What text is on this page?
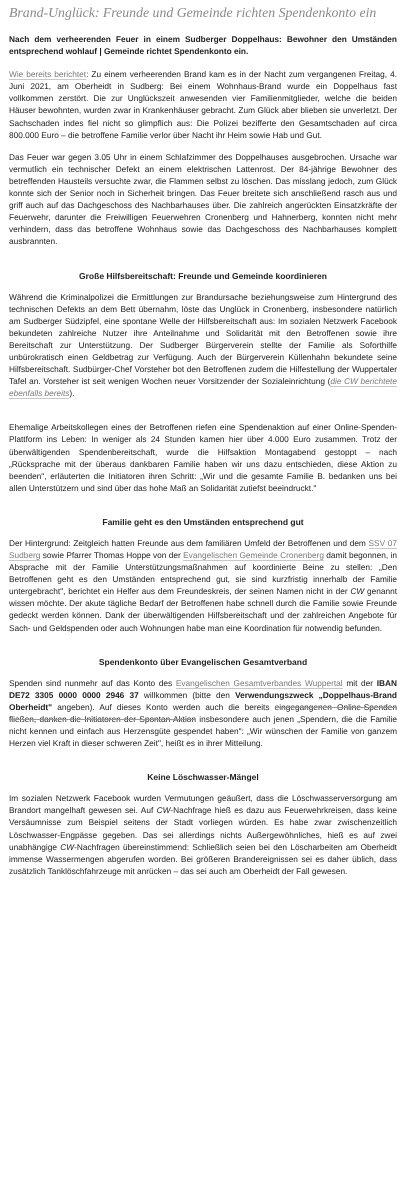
Brand-Unglück: Freunde und Gemeinde richten Spendenkonto ein

Nach dem verheerenden Feuer in einem Sudberger Doppelhaus: Bewohner den Umständen entsprechend wohlauf | Gemeinde richtet Spendenkonto ein.

Wie bereits berichtet: Zu einem verheerenden Brand kam es in der Nacht zum vergangenen Freitag, 4. Juni 2021, am Oberheidt in Sudberg: Bei einem Wohnhaus-Brand wurde ein Doppelhaus fast vollkommen zerstört. Die zur Unglückszeit anwesenden vier Familienmitglieder, welche die beiden Häuser bewohnten, wurden zwar in Krankenhäuser gebracht. Zum Glück aber blieben sie unverletzt. Der Sachschaden indes fiel nicht so glimpflich aus: Die Polizei bezifferte den Gesamtschaden auf circa 800.000 Euro – die betroffene Familie verlor über Nacht ihr Heim sowie Hab und Gut.

Das Feuer war gegen 3.05 Uhr in einem Schlafzimmer des Doppelhauses ausgebrochen. Ursache war vermutlich ein technischer Defekt an einem elektrischen Lattenrost. Der 84-jährige Bewohner des betreffenden Hausteils versuchte zwar, die Flammen selbst zu löschen. Das misslang jedoch, zum Glück konnte sich der Senior noch in Sicherheit bringen. Das Feuer breitete sich anschließend rasch aus und griff auch auf das Dachgeschoss des Nachbarhauses über. Die zahlreich angerückten Einsatzkräfte der Feuerwehr, darunter die Freiwilligen Feuerwehren Cronenberg und Hahnerberg, konnten nicht mehr verhindern, dass das betroffene Wohnhaus sowie das Dachgeschoss des Nachbarhauses komplett ausbrannten.

Große Hilfsbereitschaft: Freunde und Gemeinde koordinieren

Während die Kriminalpolizei die Ermittlungen zur Brandursache beziehungsweise zum Hintergrund des technischen Defekts an dem Bett übernahm, löste das Unglück in Cronenberg, insbesondere natürlich am Sudberger Südzipfel, eine spontane Welle der Hilfsbereitschaft aus: Im sozialen Netzwerk Facebook bekundeten zahlreiche Nutzer ihre Anteilnahme und Solidarität mit den Betroffenen sowie ihre Bereitschaft zur Unterstützung. Der Sudberger Bürgerverein stellte der Familie als Soforthilfe unbürokratisch einen Geldbetrag zur Verfügung. Auch der Bürgerverein Küllenhahn bekundete seine Hilfsbereitschaft. Sudbürger-Chef Vorsteher bot den Betroffenen zudem die Hilfestellung der Wuppertaler Tafel an. Vorsteher ist seit wenigen Wochen neuer Vorsitzender der Sozialeinrichtung (die CW berichtete ebenfalls bereits).

Ehemalige Arbeitskollegen eines der Betroffenen riefen eine Spendenaktion auf einer Online-Spenden-Plattform ins Leben: In weniger als 24 Stunden kamen hier über 4.000 Euro zusammen. Trotz der überwältigenden Spendenbereitschaft, wurde die Hilfsaktion Montagabend gestoppt – nach „Rücksprache mit der überaus dankbaren Familie haben wir uns dazu entschieden, diese Aktion zu beenden", erläuterten die Initiatoren ihren Schritt: „Wir und die gesamte Familie B. bedanken uns bei allen Unterstützern und sind über das hohe Maß an Solidarität zutiefst beeindruckt."

Familie geht es den Umständen entsprechend gut

Der Hintergrund: Zeitgleich hatten Freunde aus dem familiären Umfeld der Betroffenen und dem SSV 07 Sudberg sowie Pfarrer Thomas Hoppe von der Evangelischen Gemeinde Cronenberg damit begonnen, in Absprache mit der Familie Unterstützungsmaßnahmen auf koordinierte Beine zu stellen: „Den Betroffenen geht es den Umständen entsprechend gut, sie sind kurzfristig innerhalb der Familie untergebracht", berichtet ein Helfer aus dem Freundeskreis, der seinen Namen nicht in der CW genannt wissen möchte. Der akute tägliche Bedarf der Betroffenen habe schnell durch die Familie sowie Freunde gedeckt werden können. Dank der überwältigenden Hilfsbereitschaft und der zahlreichen Angebote für Sach- und Geldspenden oder auch Wohnungen habe man eine Koordination für notwendig befunden.

Spendenkonto über Evangelischen Gesamtverband

Spenden sind nunmehr auf das Konto des Evangelischen Gesamtverbandes Wuppertal mit der IBAN DE72 3305 0000 0000 2946 37 willkommen (bitte den Verwendungszweck „Doppelhaus-Brand Oberheidt" angeben). Auf dieses Konto werden auch die bereits eingegangenen Online-Spenden fließen, danken die Initiatoren der Spontan-Aktion insbesondere auch jenen „Spendern, die die Familie nicht kennen und einfach aus Herzensgüte gespendet haben": „Wir wünschen der Familie von ganzem Herzen viel Kraft in dieser schweren Zeit", heißt es in ihrer Mitteilung.

Keine Löschwasser-Mängel

Im sozialen Netzwerk Facebook wurden Vermutungen geäußert, dass die Löschwasserversorgung am Brandort mangelhaft gewesen sei. Auf CW-Nachfrage hieß es dazu aus Feuerwehrkreisen, dass keine Versäumnisse zum Beispiel seitens der Stadt vorliegen würden. Es habe zwar zwischenzeitlich Löschwasser-Engpässe gegeben. Das sei allerdings nichts Außergewöhnliches, hieß es auf zwei unabhängige CW-Nachfragen übereinstimmend: Schließlich seien bei den Löscharbeiten am Oberheidt immense Wassermengen abgerufen worden. Bei größeren Brandereignissen sei es daher üblich, dass zusätzlich Tanklöschfahrzeuge mit anrücken – das sei auch am Oberheidt der Fall gewesen.
